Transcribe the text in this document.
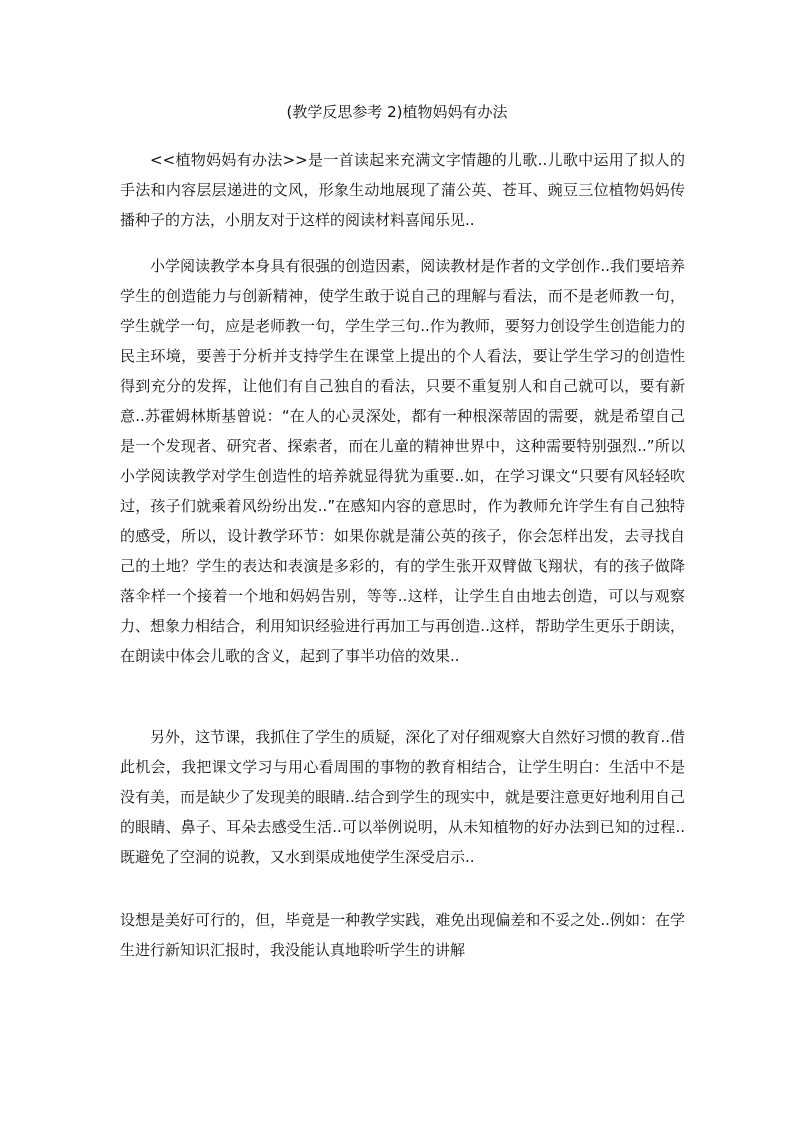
(教学反思参考 2)植物妈妈有办法

<<植物妈妈有办法>>是一首读起来充满文字情趣的儿歌..儿歌中运用了拟人的手法和内容层层递进的文风，形象生动地展现了蒲公英、苍耳、豌豆三位植物妈妈传播种子的方法，小朋友对于这样的阅读材料喜闻乐见..

小学阅读教学本身具有很强的创造因素，阅读教材是作者的文学创作..我们要培养学生的创造能力与创新精神，使学生敢于说自己的理解与看法，而不是老师教一句，学生就学一句，应是老师教一句，学生学三句..作为教师，要努力创设学生创造能力的民主环境，要善于分析并支持学生在课堂上提出的个人看法，要让学生学习的创造性得到充分的发挥，让他们有自己独自的看法，只要不重复别人和自己就可以，要有新意..苏霍姆林斯基曾说：“在人的心灵深处，都有一种根深蒂固的需要，就是希望自己是一个发现者、研究者、探索者，而在儿童的精神世界中，这种需要特别强烈..”所以小学阅读教学对学生创造性的培养就显得犹为重要..如，在学习课文“只要有风轻轻吹过，孩子们就乘着风纷纷出发..”在感知内容的意思时，作为教师允许学生有自己独特的感受，所以，设计教学环节：如果你就是蒲公英的孩子，你会怎样出发，去寻找自己的土地？学生的表达和表演是多彩的，有的学生张开双臂做飞翔状，有的孩子做降落伞样一个接着一个地和妈妈告别，等等..这样，让学生自由地去创造，可以与观察力、想象力相结合，利用知识经验进行再加工与再创造..这样，帮助学生更乐于朗读，在朗读中体会儿歌的含义，起到了事半功倍的效果..

另外，这节课，我抓住了学生的质疑，深化了对仔细观察大自然好习惯的教育..借此机会，我把课文学习与用心看周围的事物的教育相结合，让学生明白：生活中不是没有美，而是缺少了发现美的眼睛..结合到学生的现实中，就是要注意更好地利用自己的眼睛、鼻子、耳朵去感受生活..可以举例说明，从未知植物的好办法到已知的过程..既避免了空洞的说教，又水到渠成地使学生深受启示..

设想是美好可行的，但，毕竟是一种教学实践，难免出现偏差和不妥之处..例如：在学生进行新知识汇报时，我没能认真地聆听学生的讲解
